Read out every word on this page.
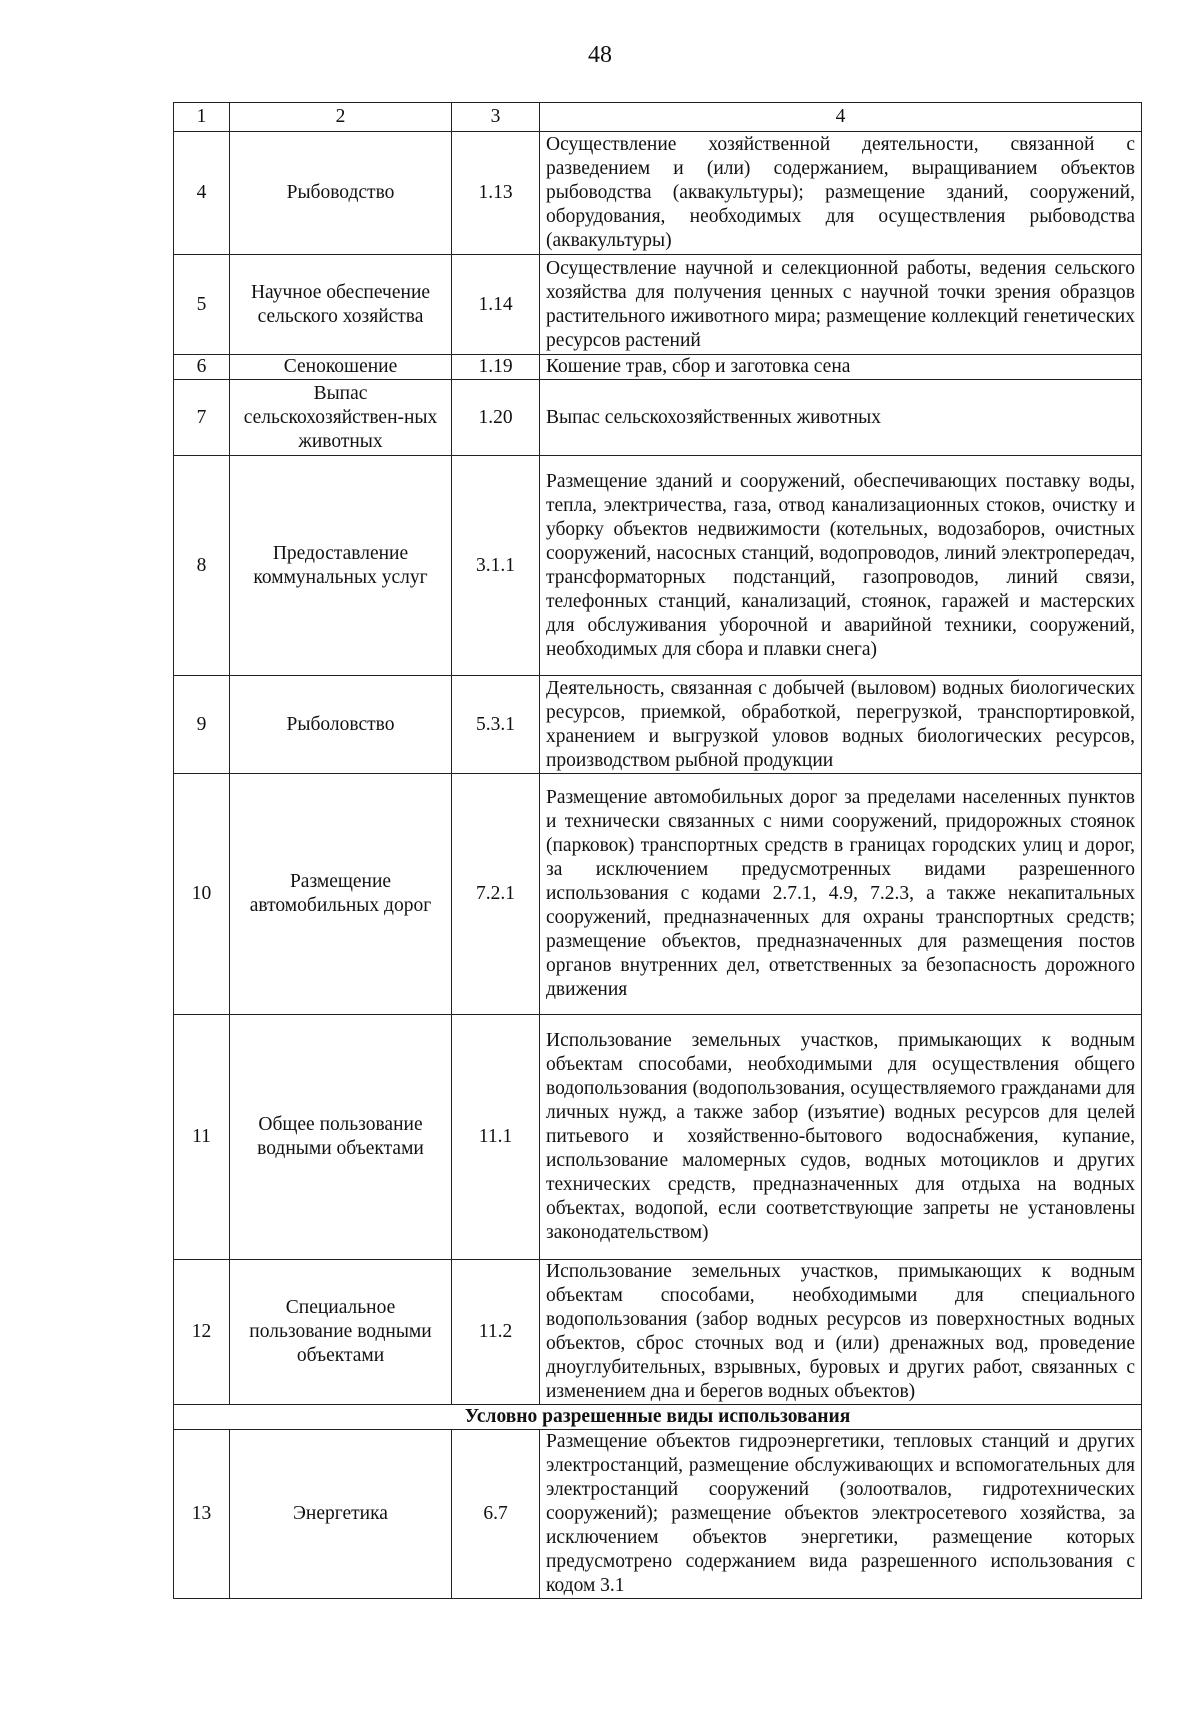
48
1	2	3	4
4	Рыбоводство	1.13	Осуществление хозяйственной деятельности, связанной с разведением и (или) содержанием, выращиванием объектов рыбоводства (аквакультуры); размещение зданий, сооружений, оборудования, необходимых для осуществления рыбоводства (аквакультуры)
5	Научное обеспечение сельского хозяйства	1.14	Осуществление научной и селекционной работы, ведения сельского хозяйства для получения ценных с научной точки зрения образцов растительного иживотного мира; размещение коллекций генетических ресурсов растений
6	Сенокошение	1.19	Кошение трав, сбор и заготовка сена
7	Выпас сельскохозяйствен-ных животных	1.20	Выпас сельскохозяйственных животных
8	Предоставление коммунальных услуг	3.1.1	Размещение зданий и сооружений, обеспечивающих поставку воды, тепла, электричества, газа, отвод канализационных стоков, очистку и уборку объектов недвижимости (котельных, водозаборов, очистных сооружений, насосных станций, водопроводов, линий электропередач, трансформаторных подстанций, газопроводов, линий связи, телефонных станций, канализаций, стоянок, гаражей и мастерских для обслуживания уборочной и аварийной техники, сооружений, необходимых для сбора и плавки снега)
9	Рыболовство	5.3.1	Деятельность, связанная с добычей (выловом) водных биологических ресурсов, приемкой, обработкой, перегрузкой, транспортировкой, хранением и выгрузкой уловов водных биологических ресурсов, производством рыбной продукции
10	Размещение автомобильных дорог	7.2.1	Размещение автомобильных дорог за пределами населенных пунктов и технически связанных с ними сооружений, придорожных стоянок (парковок) транспортных средств в границах городских улиц и дорог, за исключением предусмотренных видами разрешенного использования с кодами 2.7.1, 4.9, 7.2.3, а также некапитальных сооружений, предназначенных для охраны транспортных средств; размещение объектов, предназначенных для размещения постов органов внутренних дел, ответственных за безопасность дорожного движения
11	Общее пользование водными объектами	11.1	Использование земельных участков, примыкающих к водным объектам способами, необходимыми для осуществления общего водопользования (водопользования, осуществляемого гражданами для личных нужд, а также забор (изъятие) водных ресурсов для целей питьевого и хозяйственно-бытового водоснабжения, купание, использование маломерных судов, водных мотоциклов и других технических средств, предназначенных для отдыха на водных объектах, водопой, если соответствующие запреты не установлены законодательством)
12	Специальное пользование водными объектами	11.2	Использование земельных участков, примыкающих к водным объектам способами, необходимыми для специального водопользования (забор водных ресурсов из поверхностных водных объектов, сброс сточных вод и (или) дренажных вод, проведение дноуглубительных, взрывных, буровых и других работ, связанных с изменением дна и берегов водных объектов)
Условно разрешенные виды использования			
13	Энергетика	6.7	Размещение объектов гидроэнергетики, тепловых станций и других электростанций, размещение обслуживающих и вспомогательных для электростанций сооружений (золоотвалов, гидротехнических сооружений); размещение объектов электросетевого хозяйства, за исключением объектов энергетики, размещение которых предусмотрено содержанием вида разрешенного использования с кодом 3.1
